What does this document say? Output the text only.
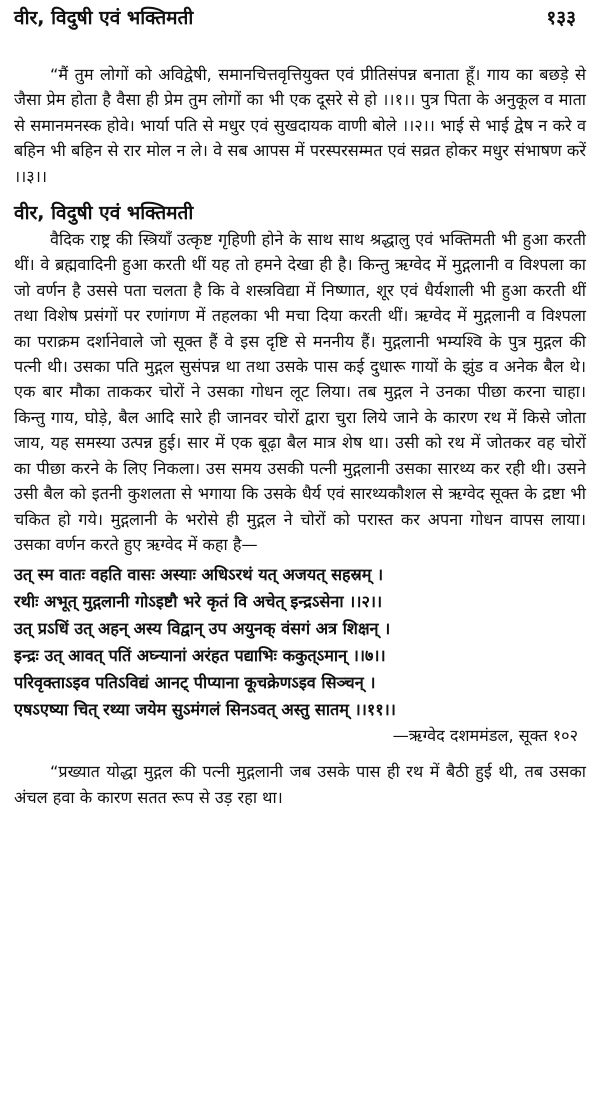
वीर, विदुषी एवं भक्तिमती	१३३

“मैं तुम लोगों को अविद्वेषी, समानचित्तवृत्तियुक्त एवं प्रीतिसंपन्न बनाता हूँ। गाय का बछड़े से जैसा प्रेम होता है वैसा ही प्रेम तुम लोगों का भी एक दूसरे से हो ।।१।। पुत्र पिता के अनुकूल व माता से समानमनस्क होवे। भार्या पति से मधुर एवं सुखदायक वाणी बोले ।।२।। भाई से भाई द्वेष न करे व बहिन भी बहिन से रार मोल न ले। वे सब आपस में परस्परसम्मत एवं सव्रत होकर मधुर संभाषण करें ।।३।।

वीर, विदुषी एवं भक्तिमती

वैदिक राष्ट्र की स्त्रियाँ उत्कृष्ट गृहिणी होने के साथ साथ श्रद्धालु एवं भक्तिमती भी हुआ करती थीं। वे ब्रह्मवादिनी हुआ करती थीं यह तो हमने देखा ही है। किन्तु ऋग्वेद में मुद्गलानी व विश्पला का जो वर्णन है उससे पता चलता है कि वे शस्त्रविद्या में निष्णात, शूर एवं धैर्यशाली भी हुआ करती थीं तथा विशेष प्रसंगों पर रणांगण में तहलका भी मचा दिया करती थीं। ऋग्वेद में मुद्गलानी व विश्पला का पराक्रम दर्शानेवाले जो सूक्त हैं वे इस दृष्टि से मननीय हैं। मुद्गलानी भम्यश्वि के पुत्र मुद्गल की पत्नी थी। उसका पति मुद्गल सुसंपन्न था तथा उसके पास कई दुधारू गायों के झुंड व अनेक बैल थे। एक बार मौका ताककर चोरों ने उसका गोधन लूट लिया। तब मुद्गल ने उनका पीछा करना चाहा। किन्तु गाय, घोड़े, बैल आदि सारे ही जानवर चोरों द्वारा चुरा लिये जाने के कारण रथ में किसे जोता जाय, यह समस्या उत्पन्न हुई। सार में एक बूढ़ा बैल मात्र शेष था। उसी को रथ में जोतकर वह चोरों का पीछा करने के लिए निकला। उस समय उसकी पत्नी मुद्गलानी उसका सारथ्य कर रही थी। उसने उसी बैल को इतनी कुशलता से भगाया कि उसके धैर्य एवं सारथ्यकौशल से ऋग्वेद सूक्त के द्रष्टा भी चकित हो गये। मुद्गलानी के भरोसे ही मुद्गल ने चोरों को परास्त कर अपना गोधन वापस लाया। उसका वर्णन करते हुए ऋग्वेद में कहा है—

उत् स्म वातः वहति वासः अस्याः अधिऽरथं यत् अजयत् सहस्रम् ।

रथीः अभूत् मुद्गलानी गोऽइष्टौ भरे कृतं वि अचेत् इन्द्रऽसेना ।।२।।

उत् प्रऽधिं उत् अहन् अस्य विद्वान् उप अयुनक् वंसगं अत्र शिक्षन् ।

इन्द्रः उत् आवत् पतिं अघ्न्यानां अरंहत पद्याभिः ककुत्ऽमान् ।।७।।

परिवृक्ताऽइव पतिऽविद्यं आनट् पीप्याना कूचक्रेणऽइव सिञ्चन् ।

एषऽएष्या चित् रथ्या जयेम सुऽमंगलं सिनऽवत् अस्तु सातम् ।।११।।

—ऋग्वेद दशममंडल, सूक्त १०२

“प्रख्यात योद्धा मुद्गल की पत्नी मुद्गलानी जब उसके पास ही रथ में बैठी हुई थी, तब उसका अंचल हवा के कारण सतत रूप से उड़ रहा था।
